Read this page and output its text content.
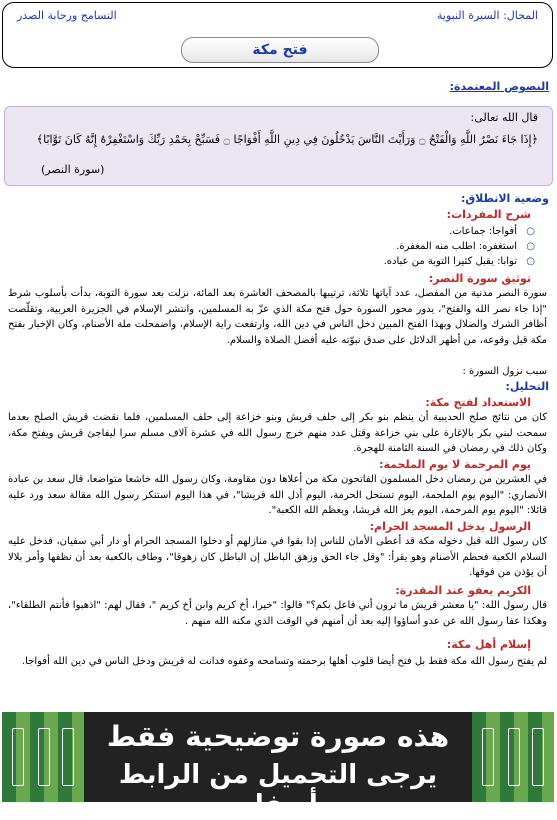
المجال: السيرة النبوية
التسامح ورحابة الصدر
فتح مكة
النصوص المعتمدة:
قال الله تعالى:
﴿إِذَا جَاءَ نَصْرُ اللَّهِ وَالْفَتْحُ ۝ وَرَأَيْتَ النَّاسَ يَدْخُلُونَ فِي دِينِ اللَّهِ أَفْوَاجًا ۝ فَسَبِّحْ بِحَمْدِ رَبِّكَ وَاسْتَغْفِرْهُ إِنَّهُ كَانَ تَوَّابًا﴾
(سورة النصر)
وضعية الانطلاق:
شرح المفردات:
○
أفواجا: جماعات.
○
استغفره: اطلب منه المغفرة.
○
توابا: يقبل كثيرا التوبة من عباده.
توثيق سورة النصر:
سورة النصر مدنية من المفصل، عدد آياتها ثلاثة، ترتيبها بالمصحف العاشرة بعد المائة، نزلت بعد سورة التوبة، بدأت بأسلوب شرط "إذا جاء نصر الله والفتح"، يدور محور السورة حول فتح مكة الذي عزّ به المسلمين، وانتشر الإسلام في الجزيرة العربية، وتقلّصت أظافر الشرك والضلال وبهذا الفتح المبين دخل الناس في دين الله، وارتفعت راية الإسلام، واضمحلت ملة الأصنام، وكان الإخبار بفتح مكة قبل وقوعه، من أظهر الدلائل على صدق نبوّته عليه أفضل الصلاة والسلام.
سبب نزول السورة :
التحليل:
الاستعداد لفتح مكة:
كان من نتائج صلح الحديبية أن ينظم بنو بكر إلى حلف قريش وبنو خزاعة إلى حلف المسلمين، فلما نقضت قريش الصلح بعدما سمحت لبني بكر بالإغارة على بني خزاعة وقتل عدد منهم خرج رسول الله في عشرة آلاف مسلم سرا ليفاجئ قريش ويفتح مكة، وكان ذلك في رمضان في السنة الثامنة للهجرة.
يوم المرحمة لا يوم الملحمة:
في العشرين من رمضان دخل المسلمون الفاتحون مكة من أعلاها دون مقاومة، وكان رسول الله خاشعا متواضعا، قال سعد بن عبادة الأنصاري: "اليوم يوم الملحمة، اليوم تستحل الحرمة، اليوم أذل الله قريشا"، في هذا اليوم استنكر رسول الله مقالة سعد ورد عليه قائلا: "اليوم يوم المرحمة، اليوم يعز الله قريشا، ويعظم الله الكعبة".
الرسول يدخل المسجد الحرام:
كان رسول الله قبل دخوله مكة قد أعطى الأمان للناس إذا بقوا في منازلهم أو دخلوا المسجد الحرام أو دار أبي سفيان، فدخل عليه السلام الكعبة فحطم الأصنام وهو يقرأ: "وقل جاء الحق وزهق الباطل إن الباطل كان زهوقا"، وطاف بالكعبة بعد أن نظفها وأمر بلالا أن يؤذن من فوقها.
الكريم يعفو عند المقدرة:
قال رسول الله: "يا معشر قريش ما ترون أني فاعل بكم؟" قالوا: "خيرا، أخ كريم وابن أخ كريم "، فقال لهم: "اذهبوا فأنتم الطلقاء"، وهكذا عفا رسول الله عن عدو أساؤوا إليه بعد أن أمنهم في الوقت الذي مكنه الله منهم .
إسلام أهل مكة:
لم يفتح رسول الله مكة فقط بل فتح أيضا قلوب أهلها برحمته وتسامحه وعفوه فدانت له قريش ودخل الناس في دين الله أفواجا.
هذه صورة توضيحية فقط
يرجى التحميل من الرابط أسفله
